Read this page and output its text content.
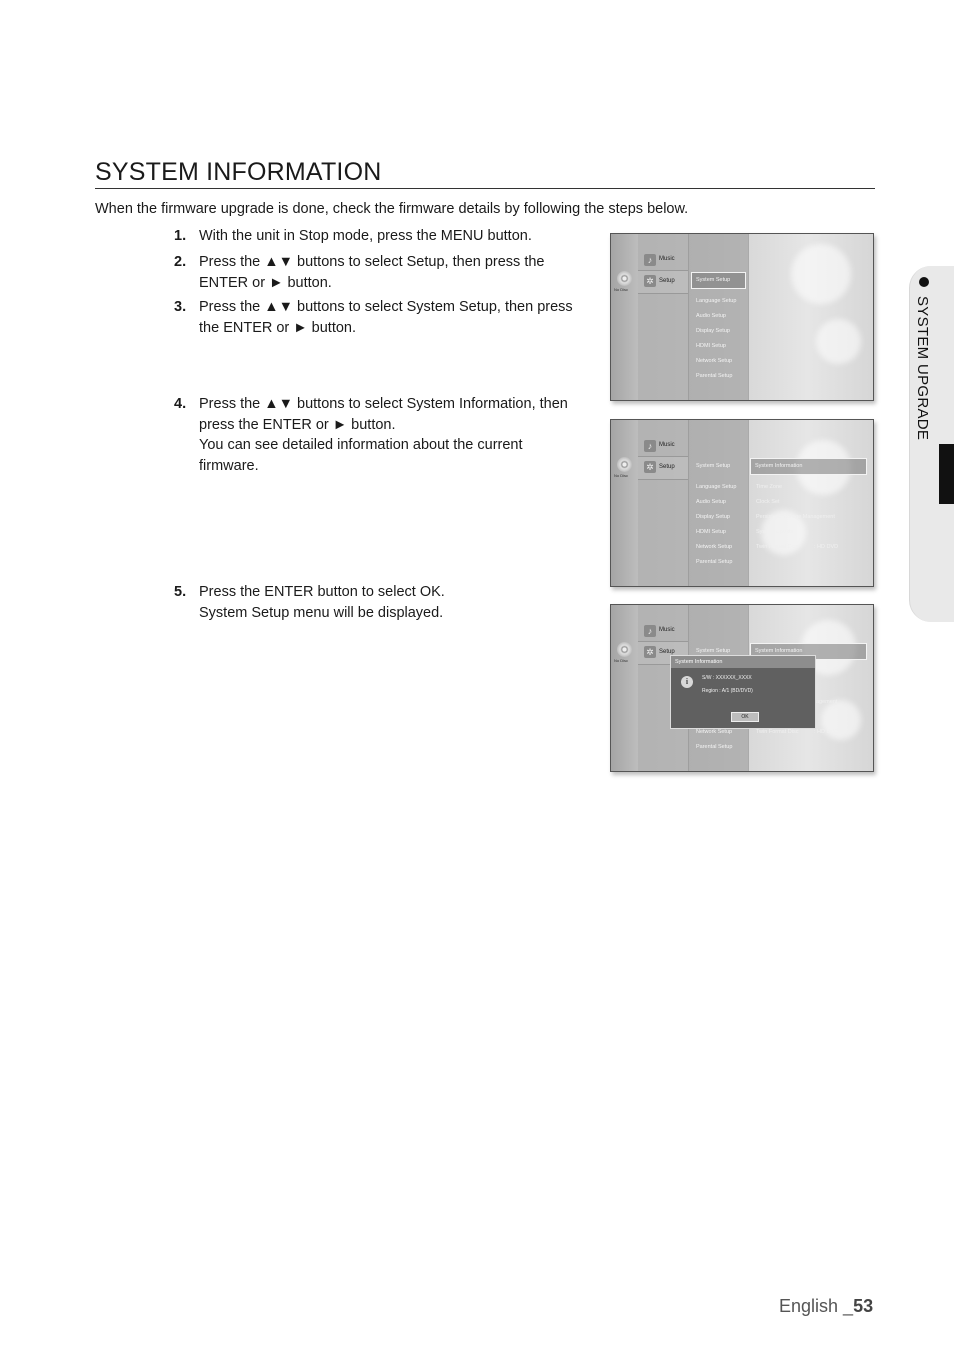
SYSTEM INFORMATION
When the firmware upgrade is done, check the firmware details by following the steps below.
1. With the unit in Stop mode, press the MENU button.
2. Press the ▲▼ buttons to select Setup, then press the ENTER or ► button.
3. Press the ▲▼ buttons to select System Setup, then press the ENTER or ► button.
4. Press the ▲▼ buttons to select System Information, then press the ENTER or ► button.
You can see detailed information about the current firmware.
5. Press the ENTER button to select OK.
System Setup menu will be displayed.
No Disc
♪	Music
✲ Setup	System Setup
Language Setup
Audio Setup
Display Setup
HDMI Setup
Network Setup
Parental Setup
No Disc
♪	Music
✲ Setup	System Setup
Language Setup
Audio Setup
Display Setup
HDMI Setup
Network Setup
Parental Setup
System Information
Time Zone
Clock Set
Persistent Storage Management
System Update
Twin Format Disc	: HD DVD
No Disc
♪	Music
✲ Setup	System Setup
Network Setup
Parental Setup
System Information
agement
Twin Format Disc	: HD DVD
System Information
i	S/W : XXXXXX_XXXX
Region : A/1 (BD/DVD)
OK
SYSTEM UPGRADE
English _53
